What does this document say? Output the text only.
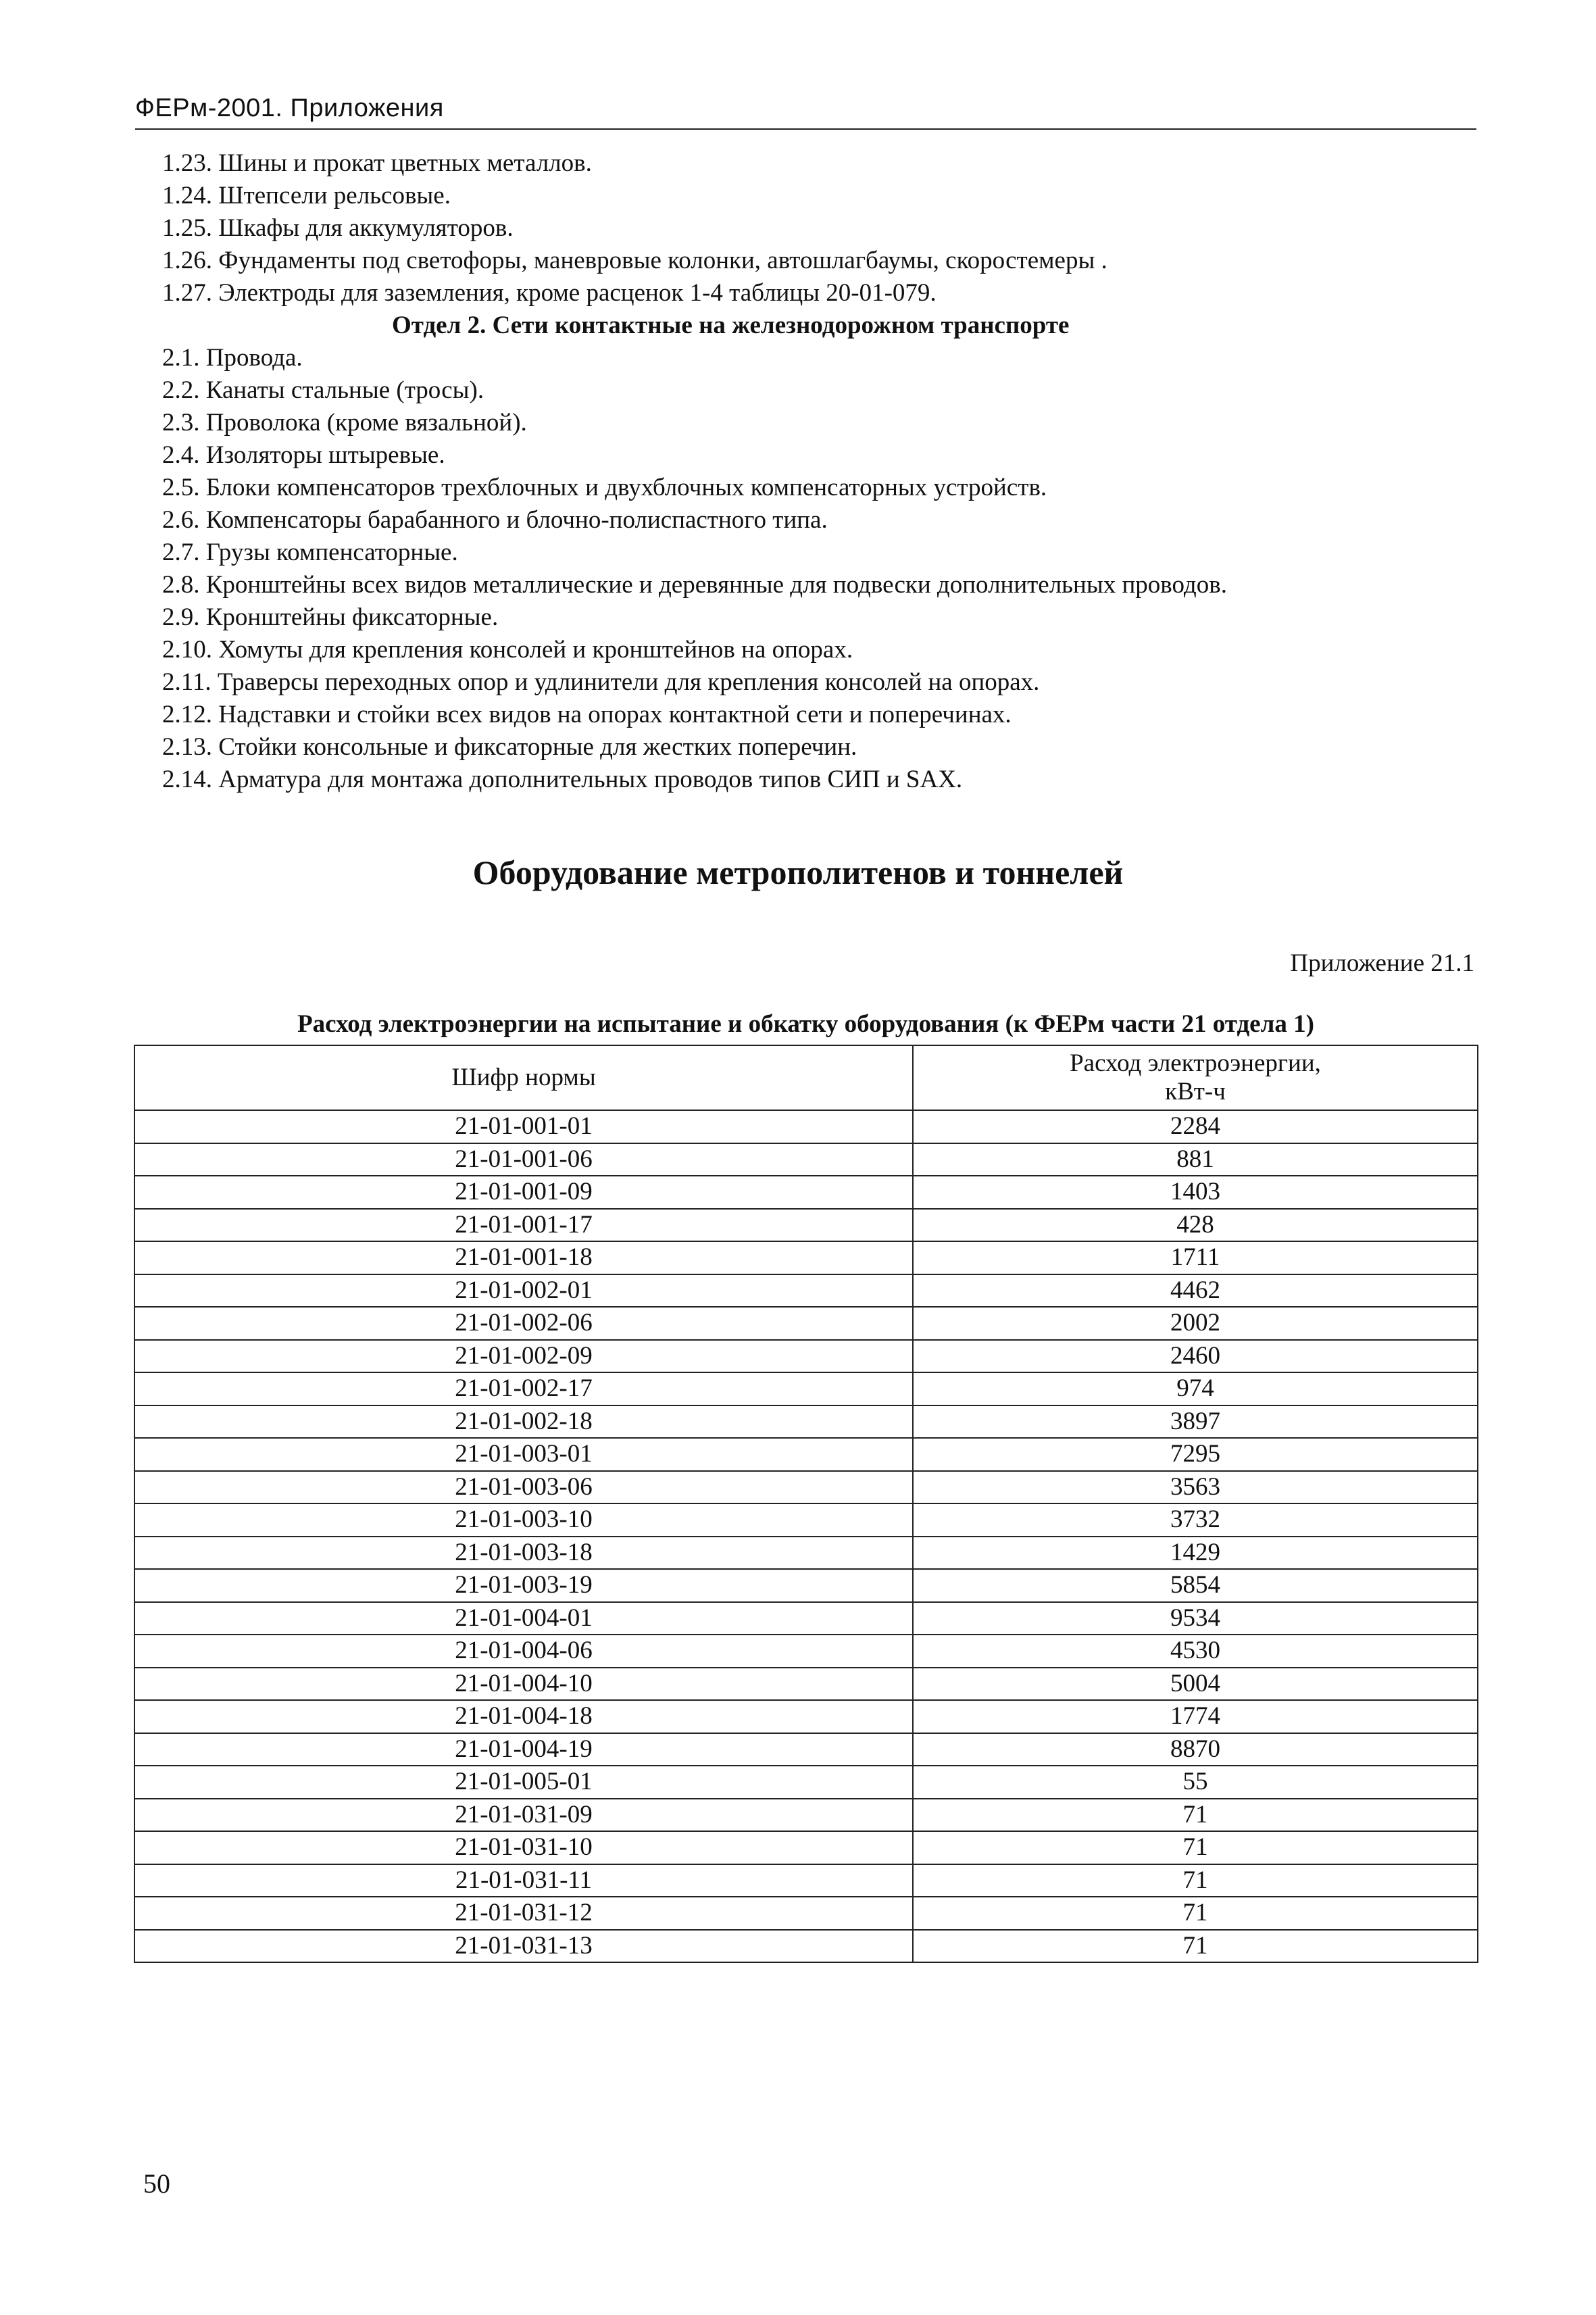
ФЕРм-2001. Приложения
1.23. Шины и прокат цветных металлов.
1.24. Штепсели рельсовые.
1.25. Шкафы для аккумуляторов.
1.26. Фундаменты под светофоры, маневровые колонки, автошлагбаумы, скоростемеры .
1.27. Электроды для заземления, кроме расценок 1-4 таблицы 20-01-079.
Отдел 2. Сети контактные на железнодорожном транспорте
2.1. Провода.
2.2. Канаты стальные (тросы).
2.3. Проволока (кроме вязальной).
2.4. Изоляторы штыревые.
2.5. Блоки компенсаторов трехблочных и двухблочных компенсаторных устройств.
2.6. Компенсаторы барабанного и блочно-полиспастного типа.
2.7. Грузы компенсаторные.
2.8. Кронштейны всех видов металлические и деревянные для подвески дополнительных проводов.
2.9. Кронштейны фиксаторные.
2.10. Хомуты для крепления консолей и кронштейнов на опорах.
2.11. Траверсы переходных опор и удлинители для крепления консолей на опорах.
2.12. Надставки и стойки всех видов на опорах контактной сети и поперечинах.
2.13. Стойки консольные и фиксаторные для жестких поперечин.
2.14. Арматура для монтажа дополнительных проводов типов СИП и SAX.
Оборудование метрополитенов и тоннелей
Приложение 21.1
Расход электроэнергии на испытание и обкатку оборудования (к ФЕРм части 21 отдела 1)
Шифр нормы	Расход электроэнергии,
кВт-ч

21-01-001-01	2284
21-01-001-06	881
21-01-001-09	1403
21-01-001-17	428
21-01-001-18	1711
21-01-002-01	4462
21-01-002-06	2002
21-01-002-09	2460
21-01-002-17	974
21-01-002-18	3897
21-01-003-01	7295
21-01-003-06	3563
21-01-003-10	3732
21-01-003-18	1429
21-01-003-19	5854
21-01-004-01	9534
21-01-004-06	4530
21-01-004-10	5004
21-01-004-18	1774
21-01-004-19	8870
21-01-005-01	55
21-01-031-09	71
21-01-031-10	71
21-01-031-11	71
21-01-031-12	71
21-01-031-13	71
50
